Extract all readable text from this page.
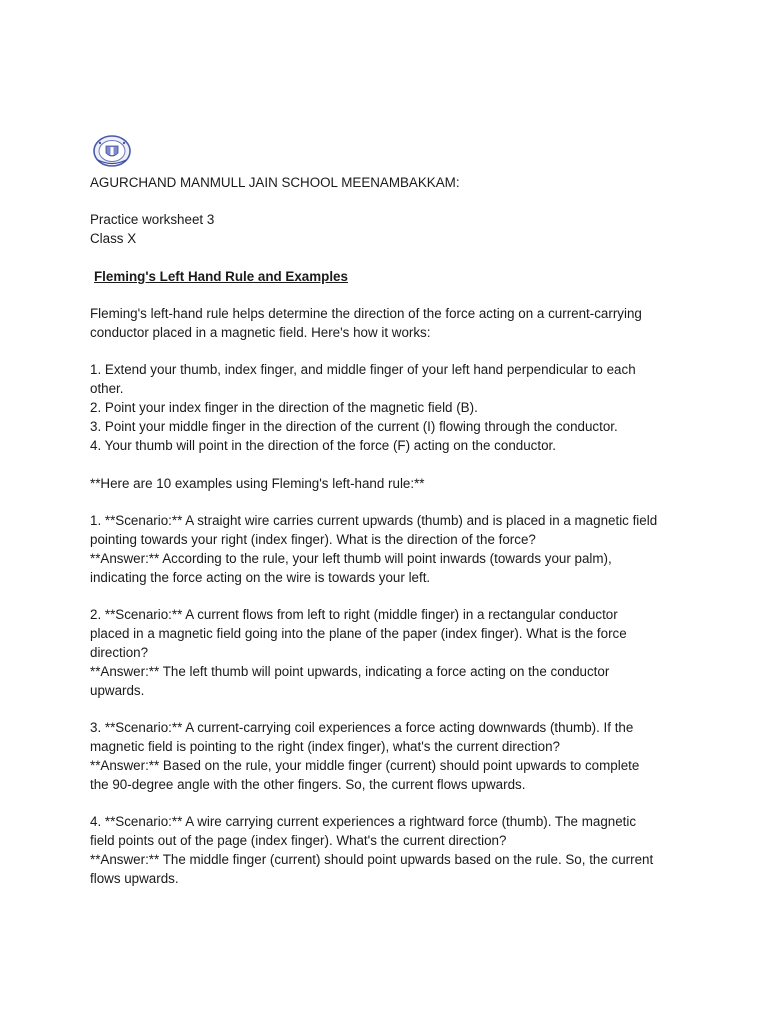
AGURCHAND MANMULL JAIN SCHOOL MEENAMBAKKAM:
Practice worksheet 3
Class X
Fleming's Left Hand Rule and Examples
Fleming's left-hand rule helps determine the direction of the force acting on a current-carrying
conductor placed in a magnetic field. Here's how it works:
1. Extend your thumb, index finger, and middle finger of your left hand perpendicular to each
other.
2. Point your index finger in the direction of the magnetic field (B).
3. Point your middle finger in the direction of the current (I) flowing through the conductor.
4. Your thumb will point in the direction of the force (F) acting on the conductor.
**Here are 10 examples using Fleming's left-hand rule:**
1. **Scenario:** A straight wire carries current upwards (thumb) and is placed in a magnetic field
pointing towards your right (index finger). What is the direction of the force?
**Answer:** According to the rule, your left thumb will point inwards (towards your palm),
indicating the force acting on the wire is towards your left.
2. **Scenario:** A current flows from left to right (middle finger) in a rectangular conductor
placed in a magnetic field going into the plane of the paper (index finger). What is the force
direction?
**Answer:** The left thumb will point upwards, indicating a force acting on the conductor
upwards.
3. **Scenario:** A current-carrying coil experiences a force acting downwards (thumb). If the
magnetic field is pointing to the right (index finger), what's the current direction?
**Answer:** Based on the rule, your middle finger (current) should point upwards to complete
the 90-degree angle with the other fingers. So, the current flows upwards.
4. **Scenario:** A wire carrying current experiences a rightward force (thumb). The magnetic
field points out of the page (index finger). What's the current direction?
**Answer:** The middle finger (current) should point upwards based on the rule. So, the current
flows upwards.
